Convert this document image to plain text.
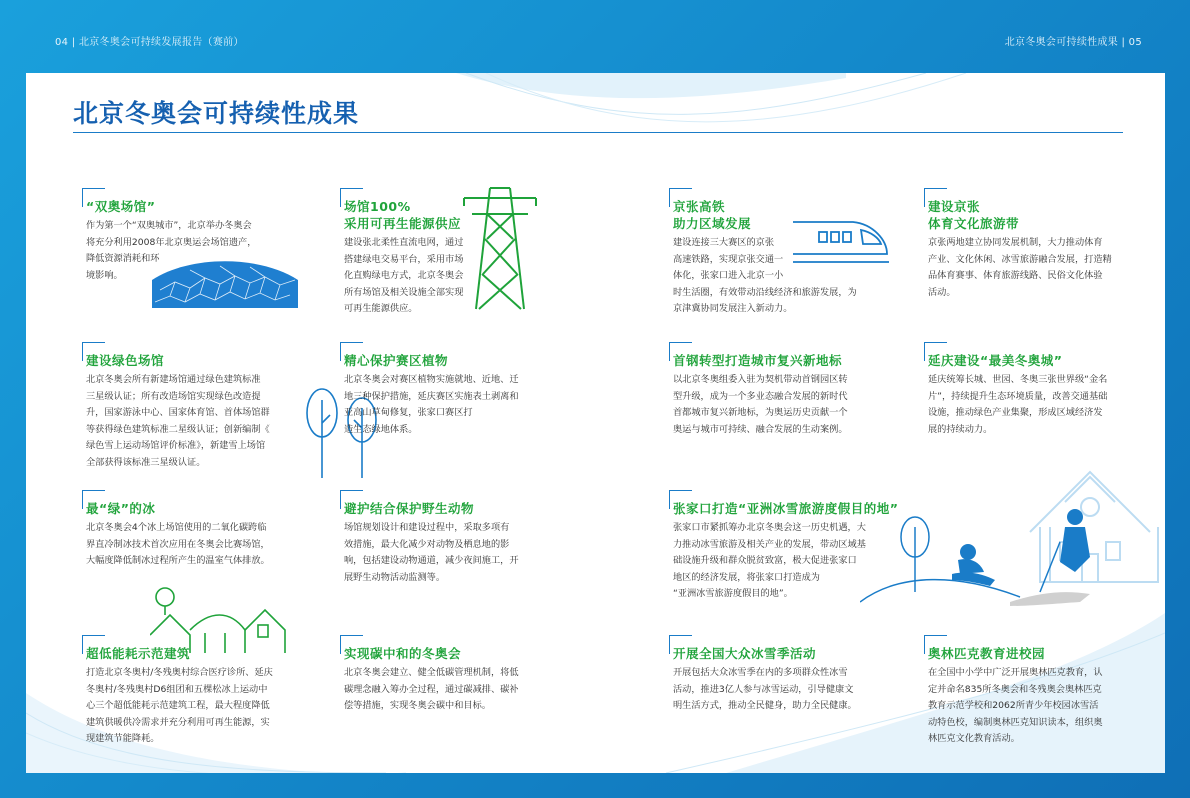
04 | 北京冬奥会可持续发展报告（赛前）	北京冬奥会可持续性成果 | 05
北京冬奥会可持续性成果
“双奥场馆”
作为第一个“双奥城市”，北京举办冬奥会
将充分利用2008年北京奥运会场馆遗产，
降低资源消耗和环
境影响。
场馆100%
采用可再生能源供应
建设张北柔性直流电网，通过
搭建绿电交易平台，采用市场
化直购绿电方式，北京冬奥会
所有场馆及相关设施全部实现
可再生能源供应。
京张高铁
助力区域发展
建设连接三大赛区的京张
高速铁路，实现京张交通一
体化，张家口进入北京一小
时生活圈，有效带动沿线经济和旅游发展，为
京津冀协同发展注入新动力。
建设京张
体育文化旅游带
京张两地建立协同发展机制，大力推动体育
产业、文化休闲、冰雪旅游融合发展，打造精
品体育赛事、体育旅游线路、民俗文化体验
活动。
建设绿色场馆
北京冬奥会所有新建场馆通过绿色建筑标准
三星级认证；所有改造场馆实现绿色改造提
升，国家游泳中心、国家体育馆、首体场馆群
等获得绿色建筑标准二星级认证；创新编制《
绿色雪上运动场馆评价标准》，新建雪上场馆
全部获得该标准三星级认证。
精心保护赛区植物
北京冬奥会对赛区植物实施就地、近地、迁
地三种保护措施，延庆赛区实施表土剥离和
亚高山草甸修复，张家口赛区打
造生态绿地体系。
首钢转型打造城市复兴新地标
以北京冬奥组委入驻为契机带动首钢园区转
型升级，成为一个多业态融合发展的新时代
首都城市复兴新地标，为奥运历史贡献一个
奥运与城市可持续、融合发展的生动案例。
延庆建设“最美冬奥城”
延庆统筹长城、世园、冬奥三张世界级“金名
片”，持续提升生态环境质量，改善交通基础
设施，推动绿色产业集聚，形成区域经济发
展的持续动力。
最“绿”的冰
北京冬奥会4个冰上场馆使用的二氧化碳跨临
界直冷制冰技术首次应用在冬奥会比赛场馆，
大幅度降低制冰过程所产生的温室气体排放。
避护结合保护野生动物
场馆规划设计和建设过程中，采取多项有
效措施，最大化减少对动物及栖息地的影
响，包括建设动物通道，减少夜间施工，开
展野生动物活动监测等。
张家口打造“亚洲冰雪旅游度假目的地”
张家口市紧抓筹办北京冬奥会这一历史机遇，大
力推动冰雪旅游及相关产业的发展，带动区域基
础设施升级和群众脱贫致富，极大促进张家口
地区的经济发展，将张家口打造成为
“亚洲冰雪旅游度假目的地”。
超低能耗示范建筑
打造北京冬奥村/冬残奥村综合医疗诊所、延庆
冬奥村/冬残奥村D6组团和五棵松冰上运动中
心三个超低能耗示范建筑工程，最大程度降低
建筑供暖供冷需求并充分利用可再生能源，实
现建筑节能降耗。
实现碳中和的冬奥会
北京冬奥会建立、健全低碳管理机制，将低
碳理念融入筹办全过程，通过碳减排、碳补
偿等措施，实现冬奥会碳中和目标。
开展全国大众冰雪季活动
开展包括大众冰雪季在内的多项群众性冰雪
活动，推进3亿人参与冰雪运动，引导健康文
明生活方式，推动全民健身，助力全民健康。
奥林匹克教育进校园
在全国中小学中广泛开展奥林匹克教育，认
定并命名835所冬奥会和冬残奥会奥林匹克
教育示范学校和2062所青少年校园冰雪活
动特色校，编制奥林匹克知识读本，组织奥
林匹克文化教育活动。
